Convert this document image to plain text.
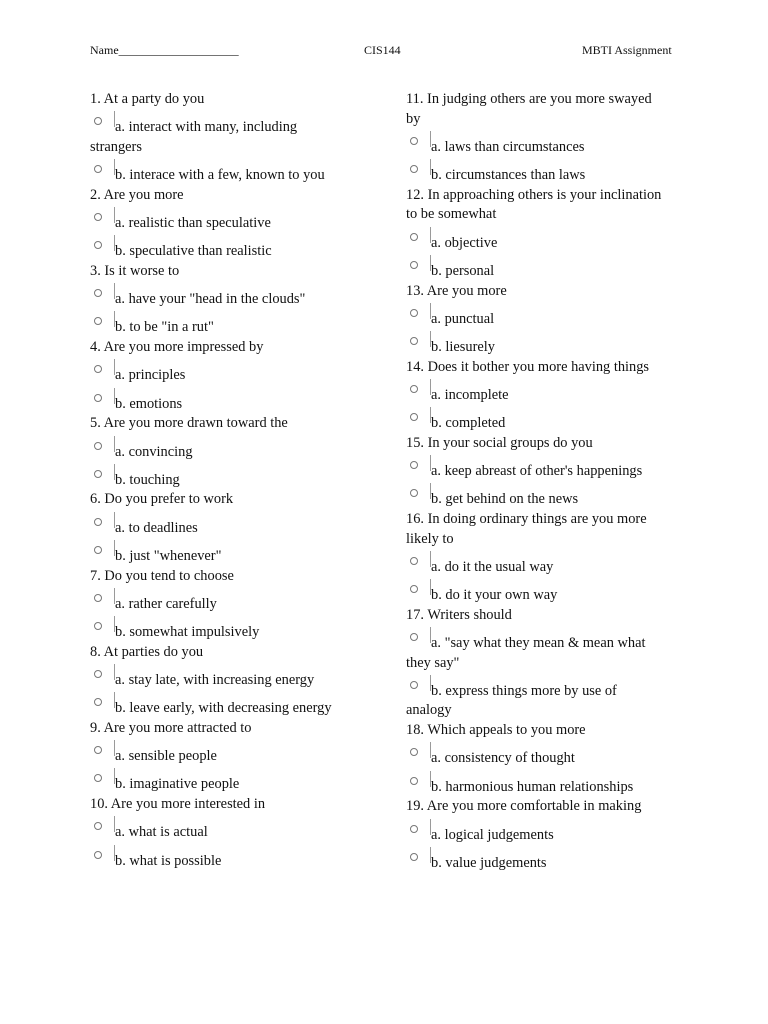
Name____________________	CIS144	MBTI Assignment
1. At a party do you
a. interact with many, including
strangers
b. interace with a few, known to you
2. Are you more
a. realistic than speculative
b. speculative than realistic
3. Is it worse to
a. have your "head in the clouds"
b. to be "in a rut"
4. Are you more impressed by
a. principles
b. emotions
5. Are you more drawn toward the
a. convincing
b. touching
6. Do you prefer to work
a. to deadlines
b. just "whenever"
7. Do you tend to choose
a. rather carefully
b. somewhat impulsively
8. At parties do you
a. stay late, with increasing energy
b. leave early, with decreasing energy
9. Are you more attracted to
a. sensible people
b. imaginative people
10. Are you more interested in
a. what is actual
b. what is possible
11. In judging others are you more swayed
by
a. laws than circumstances
b. circumstances than laws
12. In approaching others is your inclination
to be somewhat
a. objective
b. personal
13. Are you more
a. punctual
b. liesurely
14. Does it bother you more having things
a. incomplete
b. completed
15. In your social groups do you
a. keep abreast of other's happenings
b. get behind on the news
16. In doing ordinary things are you more
likely to
a. do it the usual way
b. do it your own way
17. Writers should
a. "say what they mean & mean what
they say"
b. express things more by use of
analogy
18. Which appeals to you more
a. consistency of thought
b. harmonious human relationships
19. Are you more comfortable in making
a. logical judgements
b. value judgements
